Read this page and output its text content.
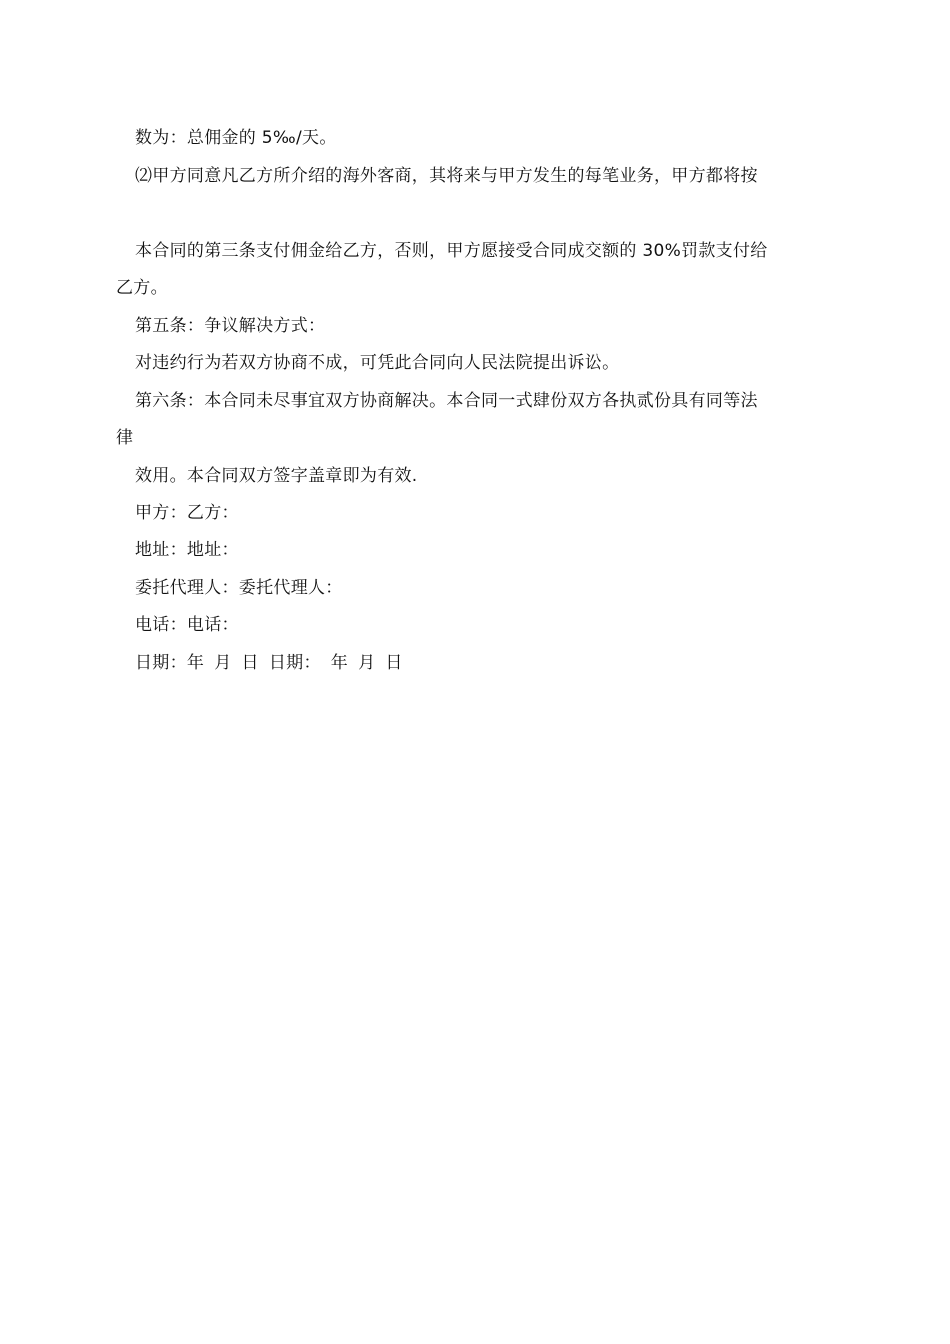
数为：总佣金的 5‰/天。
⑵甲方同意凡乙方所介绍的海外客商，其将来与甲方发生的每笔业务，甲方都将按
本合同的第三条支付佣金给乙方，否则，甲方愿接受合同成交额的 30%罚款支付给
乙方。
第五条：争议解决方式：
对违约行为若双方协商不成，可凭此合同向人民法院提出诉讼。
第六条：本合同未尽事宜双方协商解决。本合同一式肆份双方各执贰份具有同等法
律
效用。本合同双方签字盖章即为有效.
甲方：乙方：
地址：地址：
委托代理人：委托代理人：
电话：电话：
日期：年 月 日 日期： 年 月 日
